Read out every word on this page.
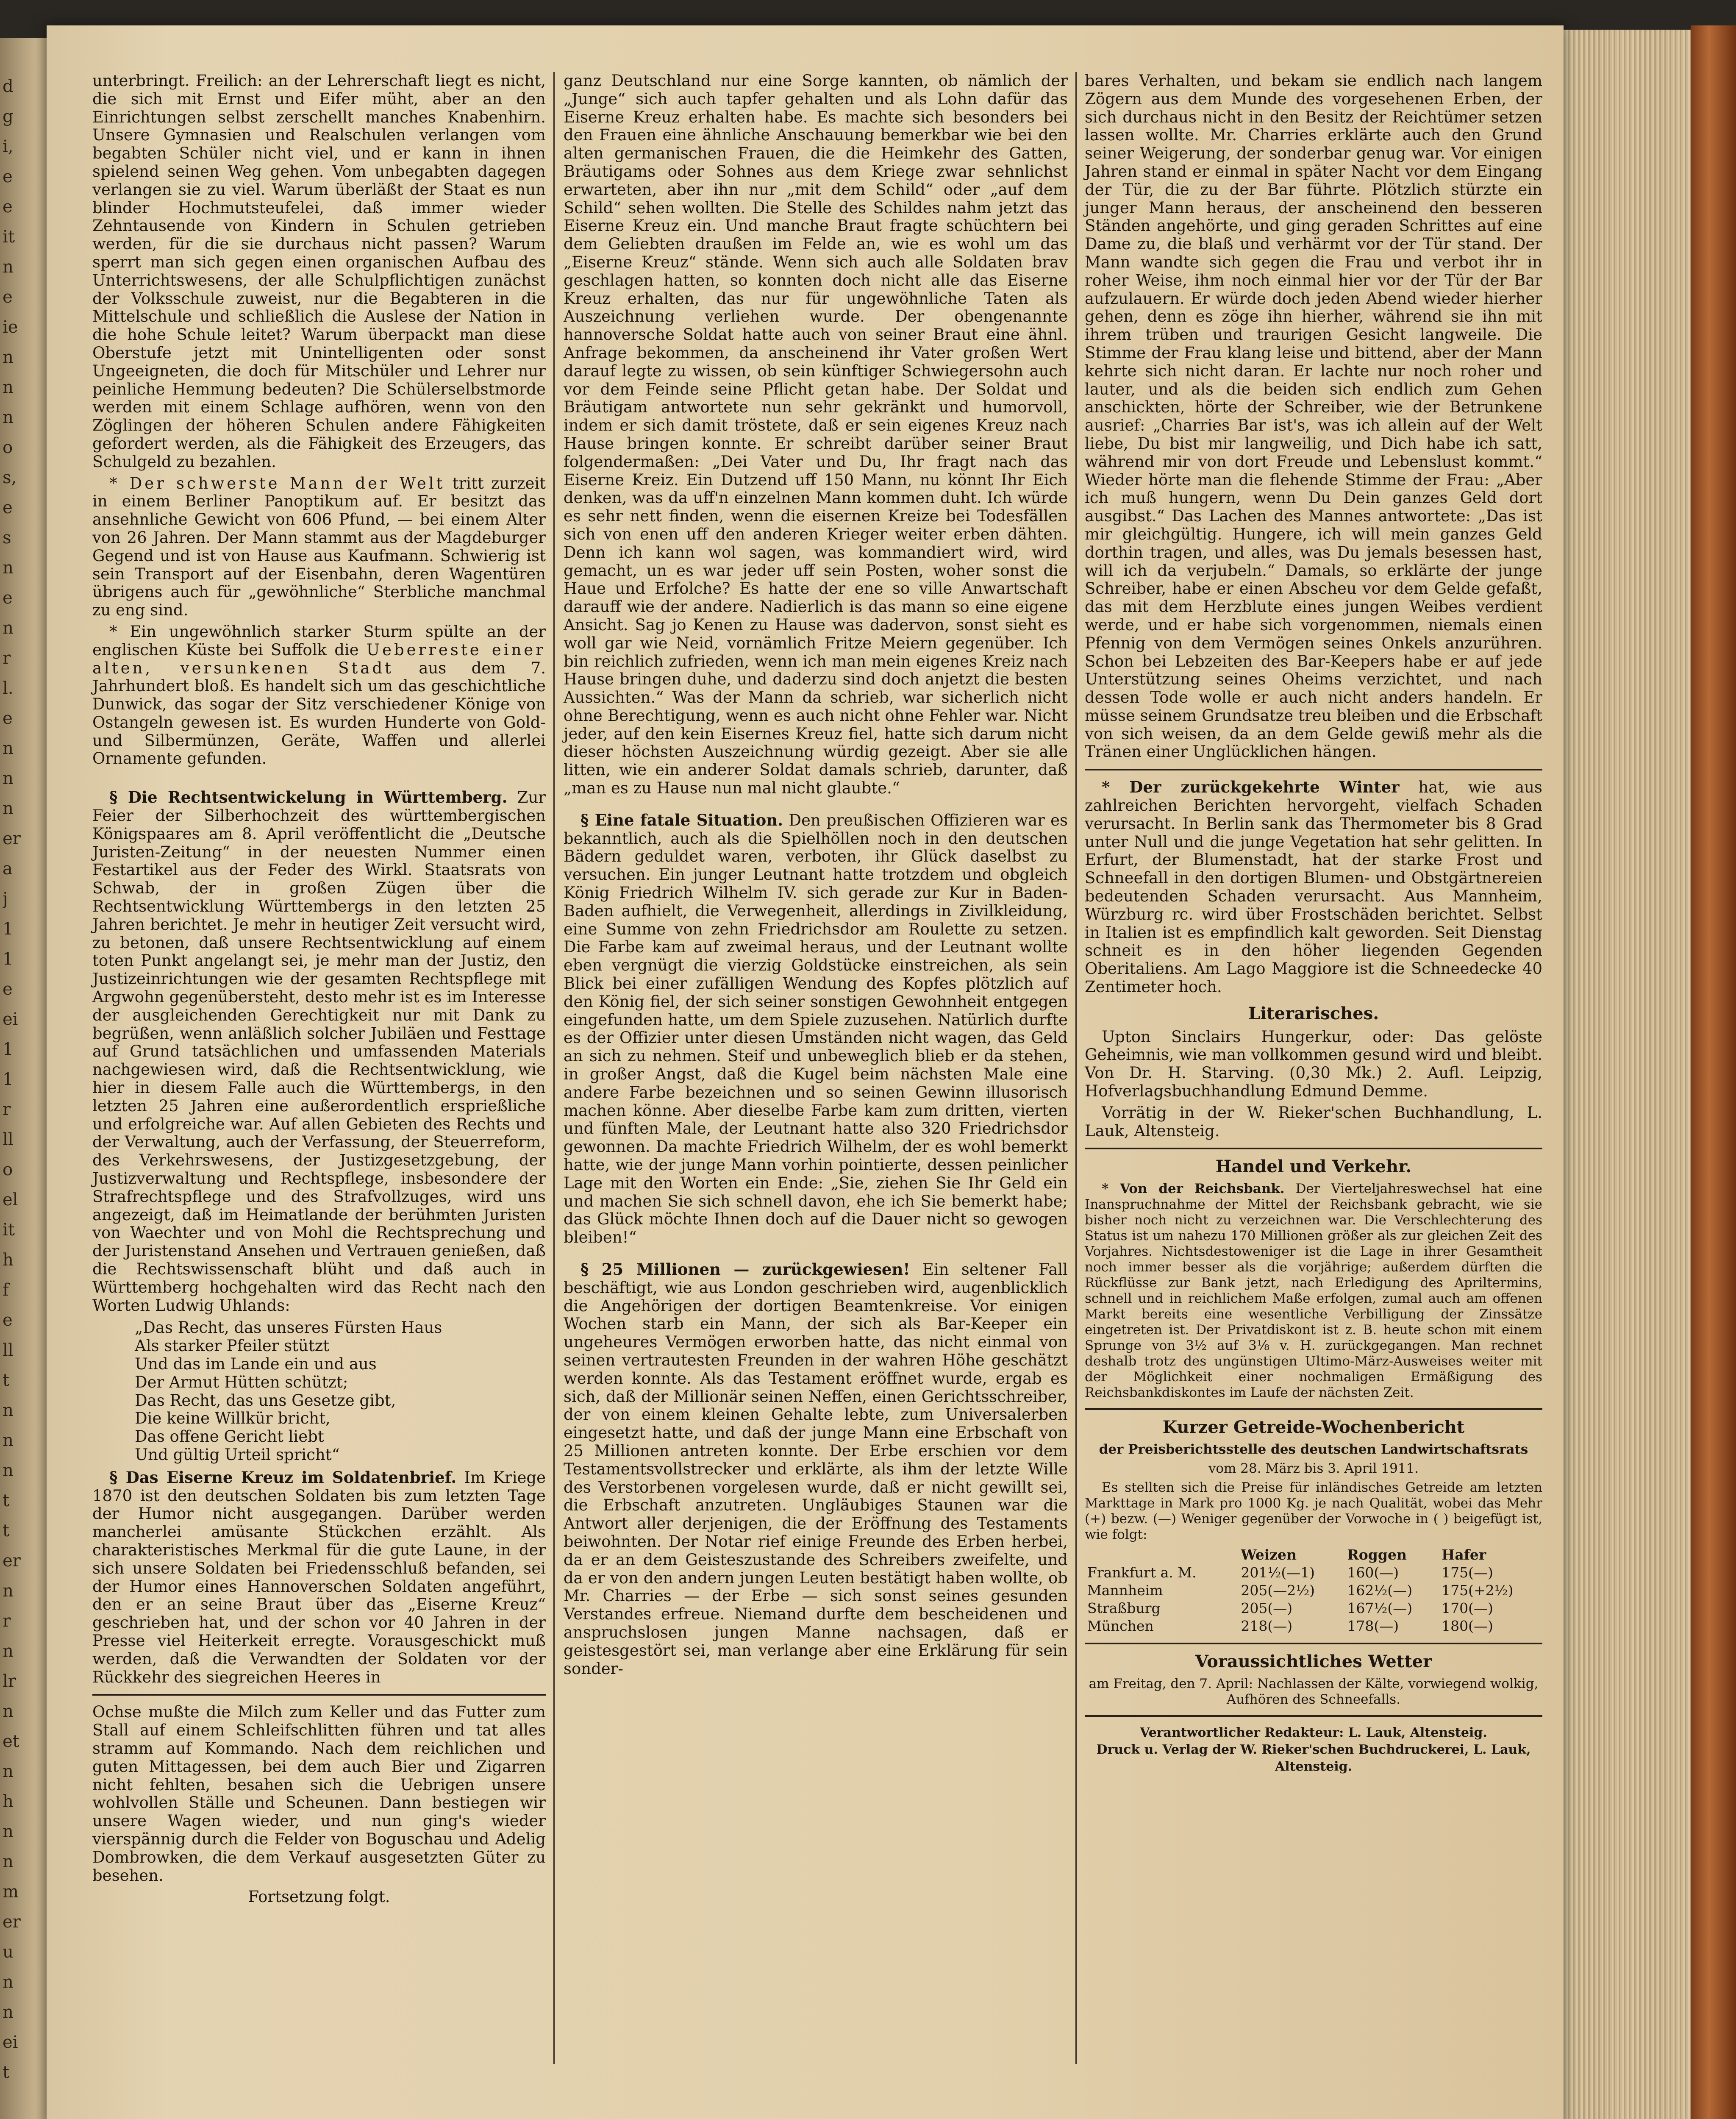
d
g
i,
e
e
it
n
e
ie
n
n
n
o
s,
e
s
n
e
n
r
l.
e
n
n
n
er
a
j
1
1
e
ei
1
1
r
ll
o
el
it
h
f
e
ll
t
n
n
n
t
t
er
n
r
n
lr
n
et
n
h
n
n
m
er
u
n
n
ei
t

unterbringt. Freilich: an der Lehrerschaft liegt es nicht, die sich mit Ernst und Eifer müht, aber an den Einrichtungen selbst zerschellt manches Knabenhirn. Unsere Gymnasien und Realschulen verlangen vom begabten Schüler nicht viel, und er kann in ihnen spielend seinen Weg gehen. Vom unbegabten dagegen verlangen sie zu viel. Warum überläßt der Staat es nun blinder Hochmutsteufelei, daß immer wieder Zehntausende von Kindern in Schulen getrieben werden, für die sie durchaus nicht passen? Warum sperrt man sich gegen einen organischen Aufbau des Unterrichtswesens, der alle Schulpflichtigen zunächst der Volksschule zuweist, nur die Begabteren in die Mittelschule und schließlich die Auslese der Nation in die hohe Schule leitet? Warum überpackt man diese Oberstufe jetzt mit Unintelligenten oder sonst Ungeeigneten, die doch für Mitschüler und Lehrer nur peinliche Hemmung bedeuten? Die Schülerselbstmorde werden mit einem Schlage aufhören, wenn von den Zöglingen der höheren Schulen andere Fähigkeiten gefordert werden, als die Fähigkeit des Erzeugers, das Schulgeld zu bezahlen.

* Der schwerste Mann der Welt tritt zurzeit in einem Berliner Panoptikum auf. Er besitzt das ansehnliche Gewicht von 606 Pfund, — bei einem Alter von 26 Jahren. Der Mann stammt aus der Magdeburger Gegend und ist von Hause aus Kaufmann. Schwierig ist sein Transport auf der Eisenbahn, deren Wagentüren übrigens auch für „gewöhnliche“ Sterbliche manchmal zu eng sind.

* Ein ungewöhnlich starker Sturm spülte an der englischen Küste bei Suffolk die Ueberreste einer alten, versunkenen Stadt aus dem 7. Jahrhundert bloß. Es handelt sich um das geschichtliche Dunwick, das sogar der Sitz verschiedener Könige von Ostangeln gewesen ist. Es wurden Hunderte von Gold- und Silbermünzen, Geräte, Waffen und allerlei Ornamente gefunden.

§ Die Rechtsentwickelung in Württemberg. Zur Feier der Silberhochzeit des württembergischen Königspaares am 8. April veröffentlicht die „Deutsche Juristen-Zeitung“ in der neuesten Nummer einen Festartikel aus der Feder des Wirkl. Staatsrats von Schwab, der in großen Zügen über die Rechtsentwicklung Württembergs in den letzten 25 Jahren berichtet. Je mehr in heutiger Zeit versucht wird, zu betonen, daß unsere Rechtsentwicklung auf einem toten Punkt angelangt sei, je mehr man der Justiz, den Justizeinrichtungen wie der gesamten Rechtspflege mit Argwohn gegenübersteht, desto mehr ist es im Interesse der ausgleichenden Gerechtigkeit nur mit Dank zu begrüßen, wenn anläßlich solcher Jubiläen und Festtage auf Grund tatsächlichen und umfassenden Materials nachgewiesen wird, daß die Rechtsentwicklung, wie hier in diesem Falle auch die Württembergs, in den letzten 25 Jahren eine außerordentlich ersprießliche und erfolgreiche war. Auf allen Gebieten des Rechts und der Verwaltung, auch der Verfassung, der Steuerreform, des Verkehrswesens, der Justizgesetzgebung, der Justizverwaltung und Rechtspflege, insbesondere der Strafrechtspflege und des Strafvollzuges, wird uns angezeigt, daß im Heimatlande der berühmten Juristen von Waechter und von Mohl die Rechtsprechung und der Juristenstand Ansehen und Vertrauen genießen, daß die Rechtswissenschaft blüht und daß auch in Württemberg hochgehalten wird das Recht nach den Worten Ludwig Uhlands:

„Das Recht, das unseres Fürsten Haus
Als starker Pfeiler stützt
Und das im Lande ein und aus
Der Armut Hütten schützt;
Das Recht, das uns Gesetze gibt,
Die keine Willkür bricht,
Das offene Gericht liebt
Und gültig Urteil spricht“

§ Das Eiserne Kreuz im Soldatenbrief. Im Kriege 1870 ist den deutschen Soldaten bis zum letzten Tage der Humor nicht ausgegangen. Darüber werden mancherlei amüsante Stückchen erzählt. Als charakteristisches Merkmal für die gute Laune, in der sich unsere Soldaten bei Friedensschluß befanden, sei der Humor eines Hannoverschen Soldaten angeführt, den er an seine Braut über das „Eiserne Kreuz“ geschrieben hat, und der schon vor 40 Jahren in der Presse viel Heiterkeit erregte. Vorausgeschickt muß werden, daß die Verwandten der Soldaten vor der Rückkehr des siegreichen Heeres in

Ochse mußte die Milch zum Keller und das Futter zum Stall auf einem Schleifschlitten führen und tat alles stramm auf Kommando. Nach dem reichlichen und guten Mittagessen, bei dem auch Bier und Zigarren nicht fehlten, besahen sich die Uebrigen unsere wohlvollen Ställe und Scheunen. Dann bestiegen wir unsere Wagen wieder, und nun ging's wieder vierspännig durch die Felder von Boguschau und Adelig Dombrowken, die dem Verkauf ausgesetzten Güter zu besehen.

Fortsetzung folgt.

ganz Deutschland nur eine Sorge kannten, ob nämlich der „Junge“ sich auch tapfer gehalten und als Lohn dafür das Eiserne Kreuz erhalten habe. Es machte sich besonders bei den Frauen eine ähnliche Anschauung bemerkbar wie bei den alten germanischen Frauen, die die Heimkehr des Gatten, Bräutigams oder Sohnes aus dem Kriege zwar sehnlichst erwarteten, aber ihn nur „mit dem Schild“ oder „auf dem Schild“ sehen wollten. Die Stelle des Schildes nahm jetzt das Eiserne Kreuz ein. Und manche Braut fragte schüchtern bei dem Geliebten draußen im Felde an, wie es wohl um das „Eiserne Kreuz“ stände. Wenn sich auch alle Soldaten brav geschlagen hatten, so konnten doch nicht alle das Eiserne Kreuz erhalten, das nur für ungewöhnliche Taten als Auszeichnung verliehen wurde. Der obengenannte hannoversche Soldat hatte auch von seiner Braut eine ähnl. Anfrage bekommen, da anscheinend ihr Vater großen Wert darauf legte zu wissen, ob sein künftiger Schwiegersohn auch vor dem Feinde seine Pflicht getan habe. Der Soldat und Bräutigam antwortete nun sehr gekränkt und humorvoll, indem er sich damit tröstete, daß er sein eigenes Kreuz nach Hause bringen konnte. Er schreibt darüber seiner Braut folgendermaßen: „Dei Vater und Du, Ihr fragt nach das Eiserne Kreiz. Ein Dutzend uff 150 Mann, nu könnt Ihr Eich denken, was da uff'n einzelnen Mann kommen duht. Ich würde es sehr nett finden, wenn die eisernen Kreize bei Todesfällen sich von enen uff den anderen Krieger weiter erben dähten. Denn ich kann wol sagen, was kommandiert wird, wird gemacht, un es war jeder uff sein Posten, woher sonst die Haue und Erfolche? Es hatte der ene so ville Anwartschaft darauff wie der andere. Nadierlich is das mann so eine eigene Ansicht. Sag jo Kenen zu Hause was dadervon, sonst sieht es woll gar wie Neid, vornämlich Fritze Meiern gegenüber. Ich bin reichlich zufrieden, wenn ich man mein eigenes Kreiz nach Hause bringen duhe, und daderzu sind doch anjetzt die besten Aussichten.“ Was der Mann da schrieb, war sicherlich nicht ohne Berechtigung, wenn es auch nicht ohne Fehler war. Nicht jeder, auf den kein Eisernes Kreuz fiel, hatte sich darum nicht dieser höchsten Auszeichnung würdig gezeigt. Aber sie alle litten, wie ein anderer Soldat damals schrieb, darunter, daß „man es zu Hause nun mal nicht glaubte.“

§ Eine fatale Situation. Den preußischen Offizieren war es bekanntlich, auch als die Spielhöllen noch in den deutschen Bädern geduldet waren, verboten, ihr Glück daselbst zu versuchen. Ein junger Leutnant hatte trotzdem und obgleich König Friedrich Wilhelm IV. sich gerade zur Kur in Baden-Baden aufhielt, die Verwegenheit, allerdings in Zivilkleidung, eine Summe von zehn Friedrichsdor am Roulette zu setzen. Die Farbe kam auf zweimal heraus, und der Leutnant wollte eben vergnügt die vierzig Goldstücke einstreichen, als sein Blick bei einer zufälligen Wendung des Kopfes plötzlich auf den König fiel, der sich seiner sonstigen Gewohnheit entgegen eingefunden hatte, um dem Spiele zuzusehen. Natürlich durfte es der Offizier unter diesen Umständen nicht wagen, das Geld an sich zu nehmen. Steif und unbeweglich blieb er da stehen, in großer Angst, daß die Kugel beim nächsten Male eine andere Farbe bezeichnen und so seinen Gewinn illusorisch machen könne. Aber dieselbe Farbe kam zum dritten, vierten und fünften Male, der Leutnant hatte also 320 Friedrichsdor gewonnen. Da machte Friedrich Wilhelm, der es wohl bemerkt hatte, wie der junge Mann vorhin pointierte, dessen peinlicher Lage mit den Worten ein Ende: „Sie, ziehen Sie Ihr Geld ein und machen Sie sich schnell davon, ehe ich Sie bemerkt habe; das Glück möchte Ihnen doch auf die Dauer nicht so gewogen bleiben!“

§ 25 Millionen — zurückgewiesen! Ein seltener Fall beschäftigt, wie aus London geschrieben wird, augenblicklich die Angehörigen der dortigen Beamtenkreise. Vor einigen Wochen starb ein Mann, der sich als Bar-Keeper ein ungeheures Vermögen erworben hatte, das nicht einmal von seinen vertrautesten Freunden in der wahren Höhe geschätzt werden konnte. Als das Testament eröffnet wurde, ergab es sich, daß der Millionär seinen Neffen, einen Gerichtsschreiber, der von einem kleinen Gehalte lebte, zum Universalerben eingesetzt hatte, und daß der junge Mann eine Erbschaft von 25 Millionen antreten konnte. Der Erbe erschien vor dem Testamentsvollstrecker und erklärte, als ihm der letzte Wille des Verstorbenen vorgelesen wurde, daß er nicht gewillt sei, die Erbschaft anzutreten. Ungläubiges Staunen war die Antwort aller derjenigen, die der Eröffnung des Testaments beiwohnten. Der Notar rief einige Freunde des Erben herbei, da er an dem Geisteszustande des Schreibers zweifelte, und da er von den andern jungen Leuten bestätigt haben wollte, ob Mr. Charries — der Erbe — sich sonst seines gesunden Verstandes erfreue. Niemand durfte dem bescheidenen und anspruchslosen jungen Manne nachsagen, daß er geistesgestört sei, man verlange aber eine Erklärung für sein sonder-

bares Verhalten, und bekam sie endlich nach langem Zögern aus dem Munde des vorgesehenen Erben, der sich durchaus nicht in den Besitz der Reichtümer setzen lassen wollte. Mr. Charries erklärte auch den Grund seiner Weigerung, der sonderbar genug war. Vor einigen Jahren stand er einmal in später Nacht vor dem Eingang der Tür, die zu der Bar führte. Plötzlich stürzte ein junger Mann heraus, der anscheinend den besseren Ständen angehörte, und ging geraden Schrittes auf eine Dame zu, die blaß und verhärmt vor der Tür stand. Der Mann wandte sich gegen die Frau und verbot ihr in roher Weise, ihm noch einmal hier vor der Tür der Bar aufzulauern. Er würde doch jeden Abend wieder hierher gehen, denn es zöge ihn hierher, während sie ihn mit ihrem trüben und traurigen Gesicht langweile. Die Stimme der Frau klang leise und bittend, aber der Mann kehrte sich nicht daran. Er lachte nur noch roher und lauter, und als die beiden sich endlich zum Gehen anschickten, hörte der Schreiber, wie der Betrunkene ausrief: „Charries Bar ist's, was ich allein auf der Welt liebe, Du bist mir langweilig, und Dich habe ich satt, während mir von dort Freude und Lebenslust kommt.“ Wieder hörte man die flehende Stimme der Frau: „Aber ich muß hungern, wenn Du Dein ganzes Geld dort ausgibst.“ Das Lachen des Mannes antwortete: „Das ist mir gleichgültig. Hungere, ich will mein ganzes Geld dorthin tragen, und alles, was Du jemals besessen hast, will ich da verjubeln.“ Damals, so erklärte der junge Schreiber, habe er einen Abscheu vor dem Gelde gefaßt, das mit dem Herzblute eines jungen Weibes verdient werde, und er habe sich vorgenommen, niemals einen Pfennig von dem Vermögen seines Onkels anzurühren. Schon bei Lebzeiten des Bar-Keepers habe er auf jede Unterstützung seines Oheims verzichtet, und nach dessen Tode wolle er auch nicht anders handeln. Er müsse seinem Grundsatze treu bleiben und die Erbschaft von sich weisen, da an dem Gelde gewiß mehr als die Tränen einer Unglücklichen hängen.

* Der zurückgekehrte Winter hat, wie aus zahlreichen Berichten hervorgeht, vielfach Schaden verursacht. In Berlin sank das Thermometer bis 8 Grad unter Null und die junge Vegetation hat sehr gelitten. In Erfurt, der Blumenstadt, hat der starke Frost und Schneefall in den dortigen Blumen- und Obstgärtnereien bedeutenden Schaden verursacht. Aus Mannheim, Würzburg rc. wird über Frostschäden berichtet. Selbst in Italien ist es empfindlich kalt geworden. Seit Dienstag schneit es in den höher liegenden Gegenden Oberitaliens. Am Lago Maggiore ist die Schneedecke 40 Zentimeter hoch.

Literarisches.

Upton Sinclairs Hungerkur, oder: Das gelöste Geheimnis, wie man vollkommen gesund wird und bleibt. Von Dr. H. Starving. (0,30 Mk.) 2. Aufl. Leipzig, Hofverlagsbuchhandlung Edmund Demme.

Vorrätig in der W. Rieker'schen Buchhandlung, L. Lauk, Altensteig.

Handel und Verkehr.

* Von der Reichsbank. Der Vierteljahreswechsel hat eine Inanspruchnahme der Mittel der Reichsbank gebracht, wie sie bisher noch nicht zu verzeichnen war. Die Verschlechterung des Status ist um nahezu 170 Millionen größer als zur gleichen Zeit des Vorjahres. Nichtsdestoweniger ist die Lage in ihrer Gesamtheit noch immer besser als die vorjährige; außerdem dürften die Rückflüsse zur Bank jetzt, nach Erledigung des Apriltermins, schnell und in reichlichem Maße erfolgen, zumal auch am offenen Markt bereits eine wesentliche Verbilligung der Zinssätze eingetreten ist. Der Privatdiskont ist z. B. heute schon mit einem Sprunge von 3½ auf 3⅛ v. H. zurückgegangen. Man rechnet deshalb trotz des ungünstigen Ultimo-März-Ausweises weiter mit der Möglichkeit einer nochmaligen Ermäßigung des Reichsbankdiskontes im Laufe der nächsten Zeit.

Kurzer Getreide-Wochenbericht

der Preisberichtsstelle des deutschen Landwirtschaftsrats

vom 28. März bis 3. April 1911.

Es stellten sich die Preise für inländisches Getreide am letzten Markttage in Mark pro 1000 Kg. je nach Qualität, wobei das Mehr (+) bezw. (—) Weniger gegenüber der Vorwoche in ( ) beigefügt ist, wie folgt:

	Weizen	Roggen	Hafer
Frankfurt a. M.	201½(—1)	160(—)	175(—)
Mannheim	205(—2½)	162½(—)	175(+2½)
Straßburg	205(—)	167½(—)	170(—)
München	218(—)	178(—)	180(—)
Voraussichtliches Wetter

am Freitag, den 7. April: Nachlassen der Kälte, vorwiegend wolkig, Aufhören des Schneefalls.

Verantwortlicher Redakteur: L. Lauk, Altensteig.
Druck u. Verlag der W. Rieker'schen Buchdruckerei, L. Lauk, Altensteig.
